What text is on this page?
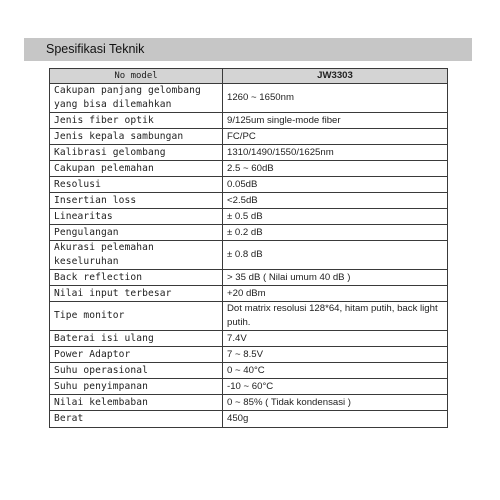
Spesifikasi Teknik
No model	JW3303
Cakupan panjang gelombang yang bisa dilemahkan	1260 ~ 1650nm
Jenis fiber optik	9/125um single-mode fiber
Jenis kepala sambungan	FC/PC
Kalibrasi gelombang	1310/1490/1550/1625nm
Cakupan pelemahan	2.5 ~ 60dB
Resolusi	0.05dB
Insertian loss	<2.5dB
Linearitas	± 0.5 dB
Pengulangan	± 0.2 dB
Akurasi pelemahan keseluruhan	± 0.8 dB
Back reflection	> 35 dB ( Nilai umum 40 dB )
Nilai input terbesar	+20 dBm
Tipe monitor	Dot matrix resolusi 128*64, hitam putih, back light putih.
Baterai isi ulang	7.4V
Power Adaptor	7 ~ 8.5V
Suhu operasional	0 ~ 40°C
Suhu penyimpanan	-10 ~ 60°C
Nilai kelembaban	0 ~ 85% ( Tidak kondensasi )
Berat	450g
